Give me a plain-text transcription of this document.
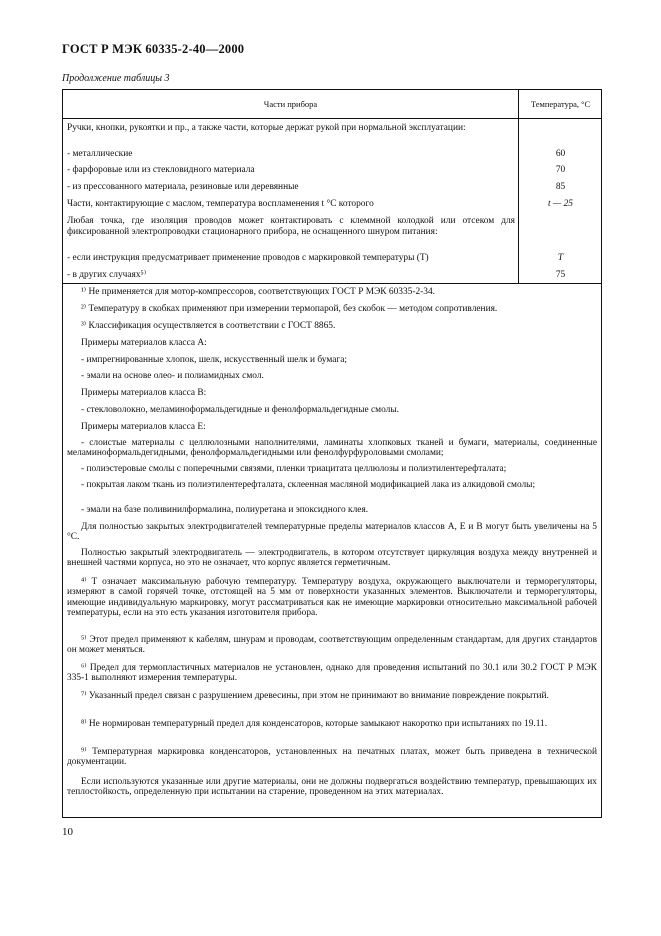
ГОСТ Р МЭК 60335-2-40—2000
Продолжение таблицы 3
Части прибора	Температура, °C
Ручки, кнопки, рукоятки и пр., а также части, которые держат рукой при нормальной эксплуатации:
- металлические	60
- фарфоровые или из стекловидного материала	70
- из прессованного материала, резиновые или деревянные	85
Части, контактирующие с маслом, температура воспламенения t °C которого	t — 25
Любая точка, где изоляция проводов может контактировать с клеммной колодкой или отсеком для фиксированной электропроводки стационарного прибора, не оснащенного шнуром питания:
- если инструкция предусматривает применение проводов с маркировкой температуры (T)	T
- в других случаях⁵⁾	75
¹⁾ Не применяется для мотор-компрессоров, соответствующих ГОСТ Р МЭК 60335-2-34.
²⁾ Температуру в скобках применяют при измерении термопарой, без скобок — методом сопротивления.
³⁾ Классификация осуществляется в соответствии с ГОСТ 8865.
Примеры материалов класса А:
- импрегнированные хлопок, шелк, искусственный шелк и бумага;
- эмали на основе олео- и полиамидных смол.
Примеры материалов класса В:
- стекловолокно, меламиноформальдегидные и фенолформальдегидные смолы.
Примеры материалов класса Е:
- слоистые материалы с целлюлозными наполнителями, ламинаты хлопковых тканей и бумаги, материалы, соединенные меламиноформальдегидными, фенолформальдегидными или фенолфурфуроловыми смолами;
- полиэстеровые смолы с поперечными связями, пленки триацитата целлюлозы и полиэтилентерефталата;
- покрытая лаком ткань из полиэтилентерефталата, склеенная масляной модификацией лака из алкидовой смолы;
- эмали на базе поливинилформалина, полиуретана и эпоксидного клея.
Для полностью закрытых электродвигателей температурные пределы материалов классов А, Е и В могут быть увеличены на 5 °С.
Полностью закрытый электродвигатель — электродвигатель, в котором отсутствует циркуляция воздуха между внутренней и внешней частями корпуса, но это не означает, что корпус является герметичным.
⁴⁾ T означает максимальную рабочую температуру. Температуру воздуха, окружающего выключатели и терморегуляторы, измеряют в самой горячей точке, отстоящей на 5 мм от поверхности указанных элементов. Выключатели и терморегуляторы, имеющие индивидуальную маркировку, могут рассматриваться как не имеющие маркировки относительно максимальной рабочей температуры, если на это есть указания изготовителя прибора.
⁵⁾ Этот предел применяют к кабелям, шнурам и проводам, соответствующим определенным стандартам, для других стандартов он может меняться.
⁶⁾ Предел для термопластичных материалов не установлен, однако для проведения испытаний по 30.1 или 30.2 ГОСТ Р МЭК 335-1 выполняют измерения температуры.
⁷⁾ Указанный предел связан с разрушением древесины, при этом не принимают во внимание повреждение покрытий.
⁸⁾ Не нормирован температурный предел для конденсаторов, которые замыкают накоротко при испытаниях по 19.11.
⁹⁾ Температурная маркировка конденсаторов, установленных на печатных платах, может быть приведена в технической документации.
Если используются указанные или другие материалы, они не должны подвергаться воздействию температур, превышающих их теплостойкость, определенную при испытании на старение, проведенном на этих материалах.
10
